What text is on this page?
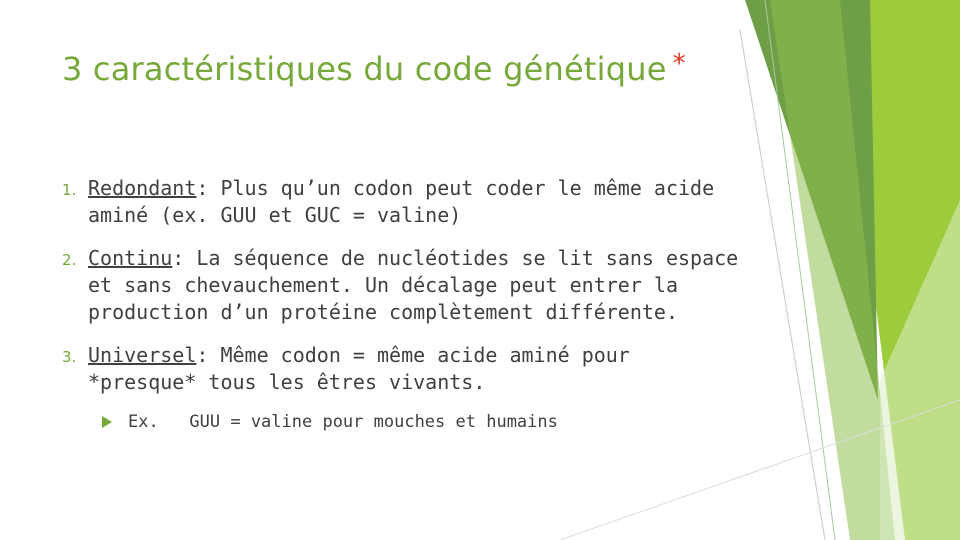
3 caractéristiques du code génétique *
1. Redondant: Plus qu’un codon peut coder le même acide aminé (ex. GUU et GUC = valine)
2. Continu: La séquence de nucléotides se lit sans espace et sans chevauchement. Un décalage peut entrer la production d’un protéine complètement différente.
3. Universel: Même codon = même acide aminé pour *presque* tous les êtres vivants.
Ex.   GUU = valine pour mouches et humains
